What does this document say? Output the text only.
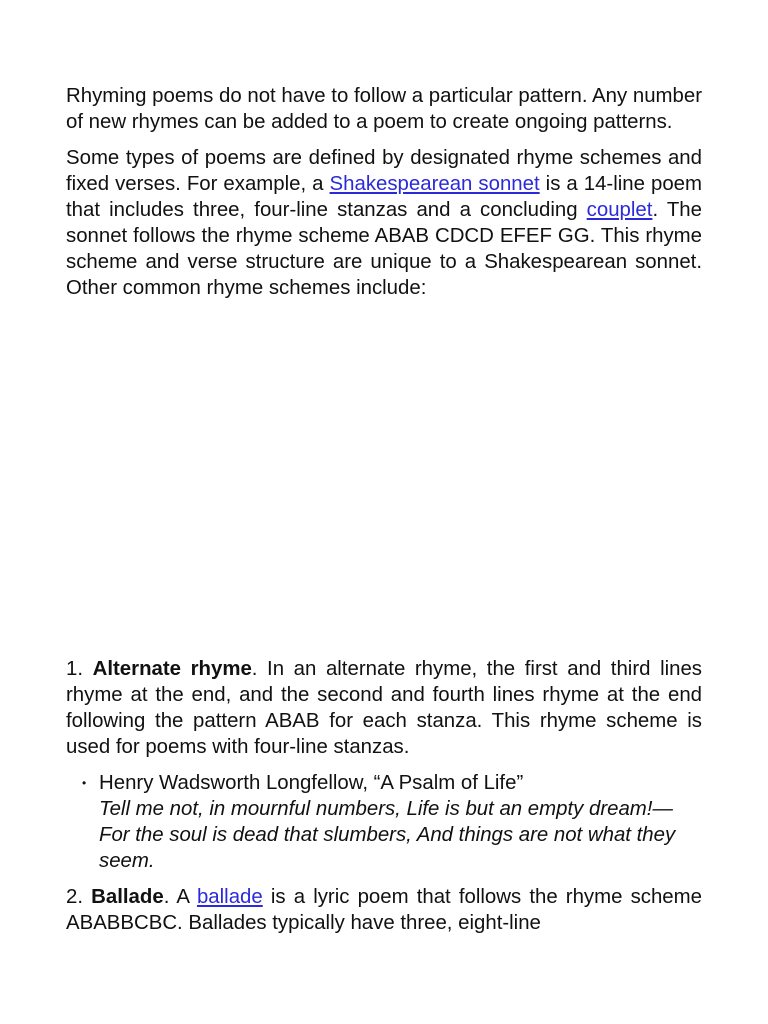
Rhyming poems do not have to follow a particular pattern. Any number of new rhymes can be added to a poem to create ongoing patterns.

Some types of poems are defined by designated rhyme schemes and fixed verses. For example, a Shakespearean sonnet is a 14-line poem that includes three, four-line stanzas and a concluding couplet. The sonnet follows the rhyme scheme ABAB CDCD EFEF GG. This rhyme scheme and verse structure are unique to a Shakespearean sonnet. Other common rhyme schemes include:

1. Alternate rhyme. In an alternate rhyme, the first and third lines rhyme at the end, and the second and fourth lines rhyme at the end following the pattern ABAB for each stanza. This rhyme scheme is used for poems with four-line stanzas.

• Henry Wadsworth Longfellow, “A Psalm of Life”
Tell me not, in mournful numbers, Life is but an empty dream!— For the soul is dead that slumbers, And things are not what they seem.

2. Ballade. A ballade is a lyric poem that follows the rhyme scheme ABABBCBC. Ballades typically have three, eight-line
